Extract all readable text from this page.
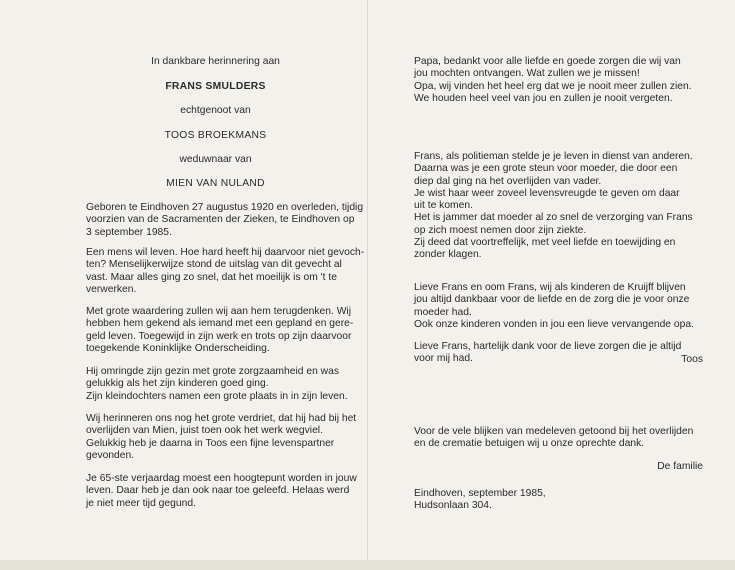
In dankbare herinnering aan
FRANS SMULDERS
echtgenoot van
TOOS BROEKMANS
weduwnaar van
MIEN VAN NULAND
Geboren te Eindhoven 27 augustus 1920 en overleden, tijdig
voorzien van de Sacramenten der Zieken, te Eindhoven op
3 september 1985.
Een mens wil leven. Hoe hard heeft hij daarvoor niet gevoch-
ten? Menselijkerwijze stond de uitslag van dit gevecht al
vast. Maar alles ging zo snel, dat het moeilijk is om 't te
verwerken.
Met grote waardering zullen wij aan hem terugdenken. Wij
hebben hem gekend als iemand met een gepland en gere-
geld leven. Toegewijd in zijn werk en trots op zijn daarvoor
toegekende Koninklijke Onderscheiding.
Hij omringde zijn gezin met grote zorgzaamheid en was
gelukkig als het zijn kinderen goed ging.
Zijn kleindochters namen een grote plaats in in zijn leven.
Wij herinneren ons nog het grote verdriet, dat hij had bij het
overlijden van Mien, juist toen ook het werk wegviel.
Gelukkig heb je daarna in Toos een fijne levenspartner
gevonden.
Je 65-ste verjaardag moest een hoogtepunt worden in jouw
leven. Daar heb je dan ook naar toe geleefd. Helaas werd
je niet meer tijd gegund.
Papa, bedankt voor alle liefde en goede zorgen die wij van
jou mochten ontvangen. Wat zullen we je missen!
Opa, wij vinden het heel erg dat we je nooit meer zullen zien.
We houden heel veel van jou en zullen je nooit vergeten.
Frans, als politieman stelde je je leven in dienst van anderen.
Daarna was je een grote steun voor moeder, die door een
diep dal ging na het overlijden van vader.
Je wist haar weer zoveel levensvreugde te geven om daar
uit te komen.
Het is jammer dat moeder al zo snel de verzorging van Frans
op zich moest nemen door zijn ziekte.
Zij deed dat voortreffelijk, met veel liefde en toewijding en
zonder klagen.
Lieve Frans en oom Frans, wij als kinderen de Kruijff blijven
jou altijd dankbaar voor de liefde en de zorg die je voor onze
moeder had.
Ook onze kinderen vonden in jou een lieve vervangende opa.
Lieve Frans, hartelijk dank voor de lieve zorgen die je altijd
voor mij had.	Toos
Voor de vele blijken van medeleven getoond bij het overlijden
en de crematie betuigen wij u onze oprechte dank.
De familie
Eindhoven, september 1985,
Hudsonlaan 304.
